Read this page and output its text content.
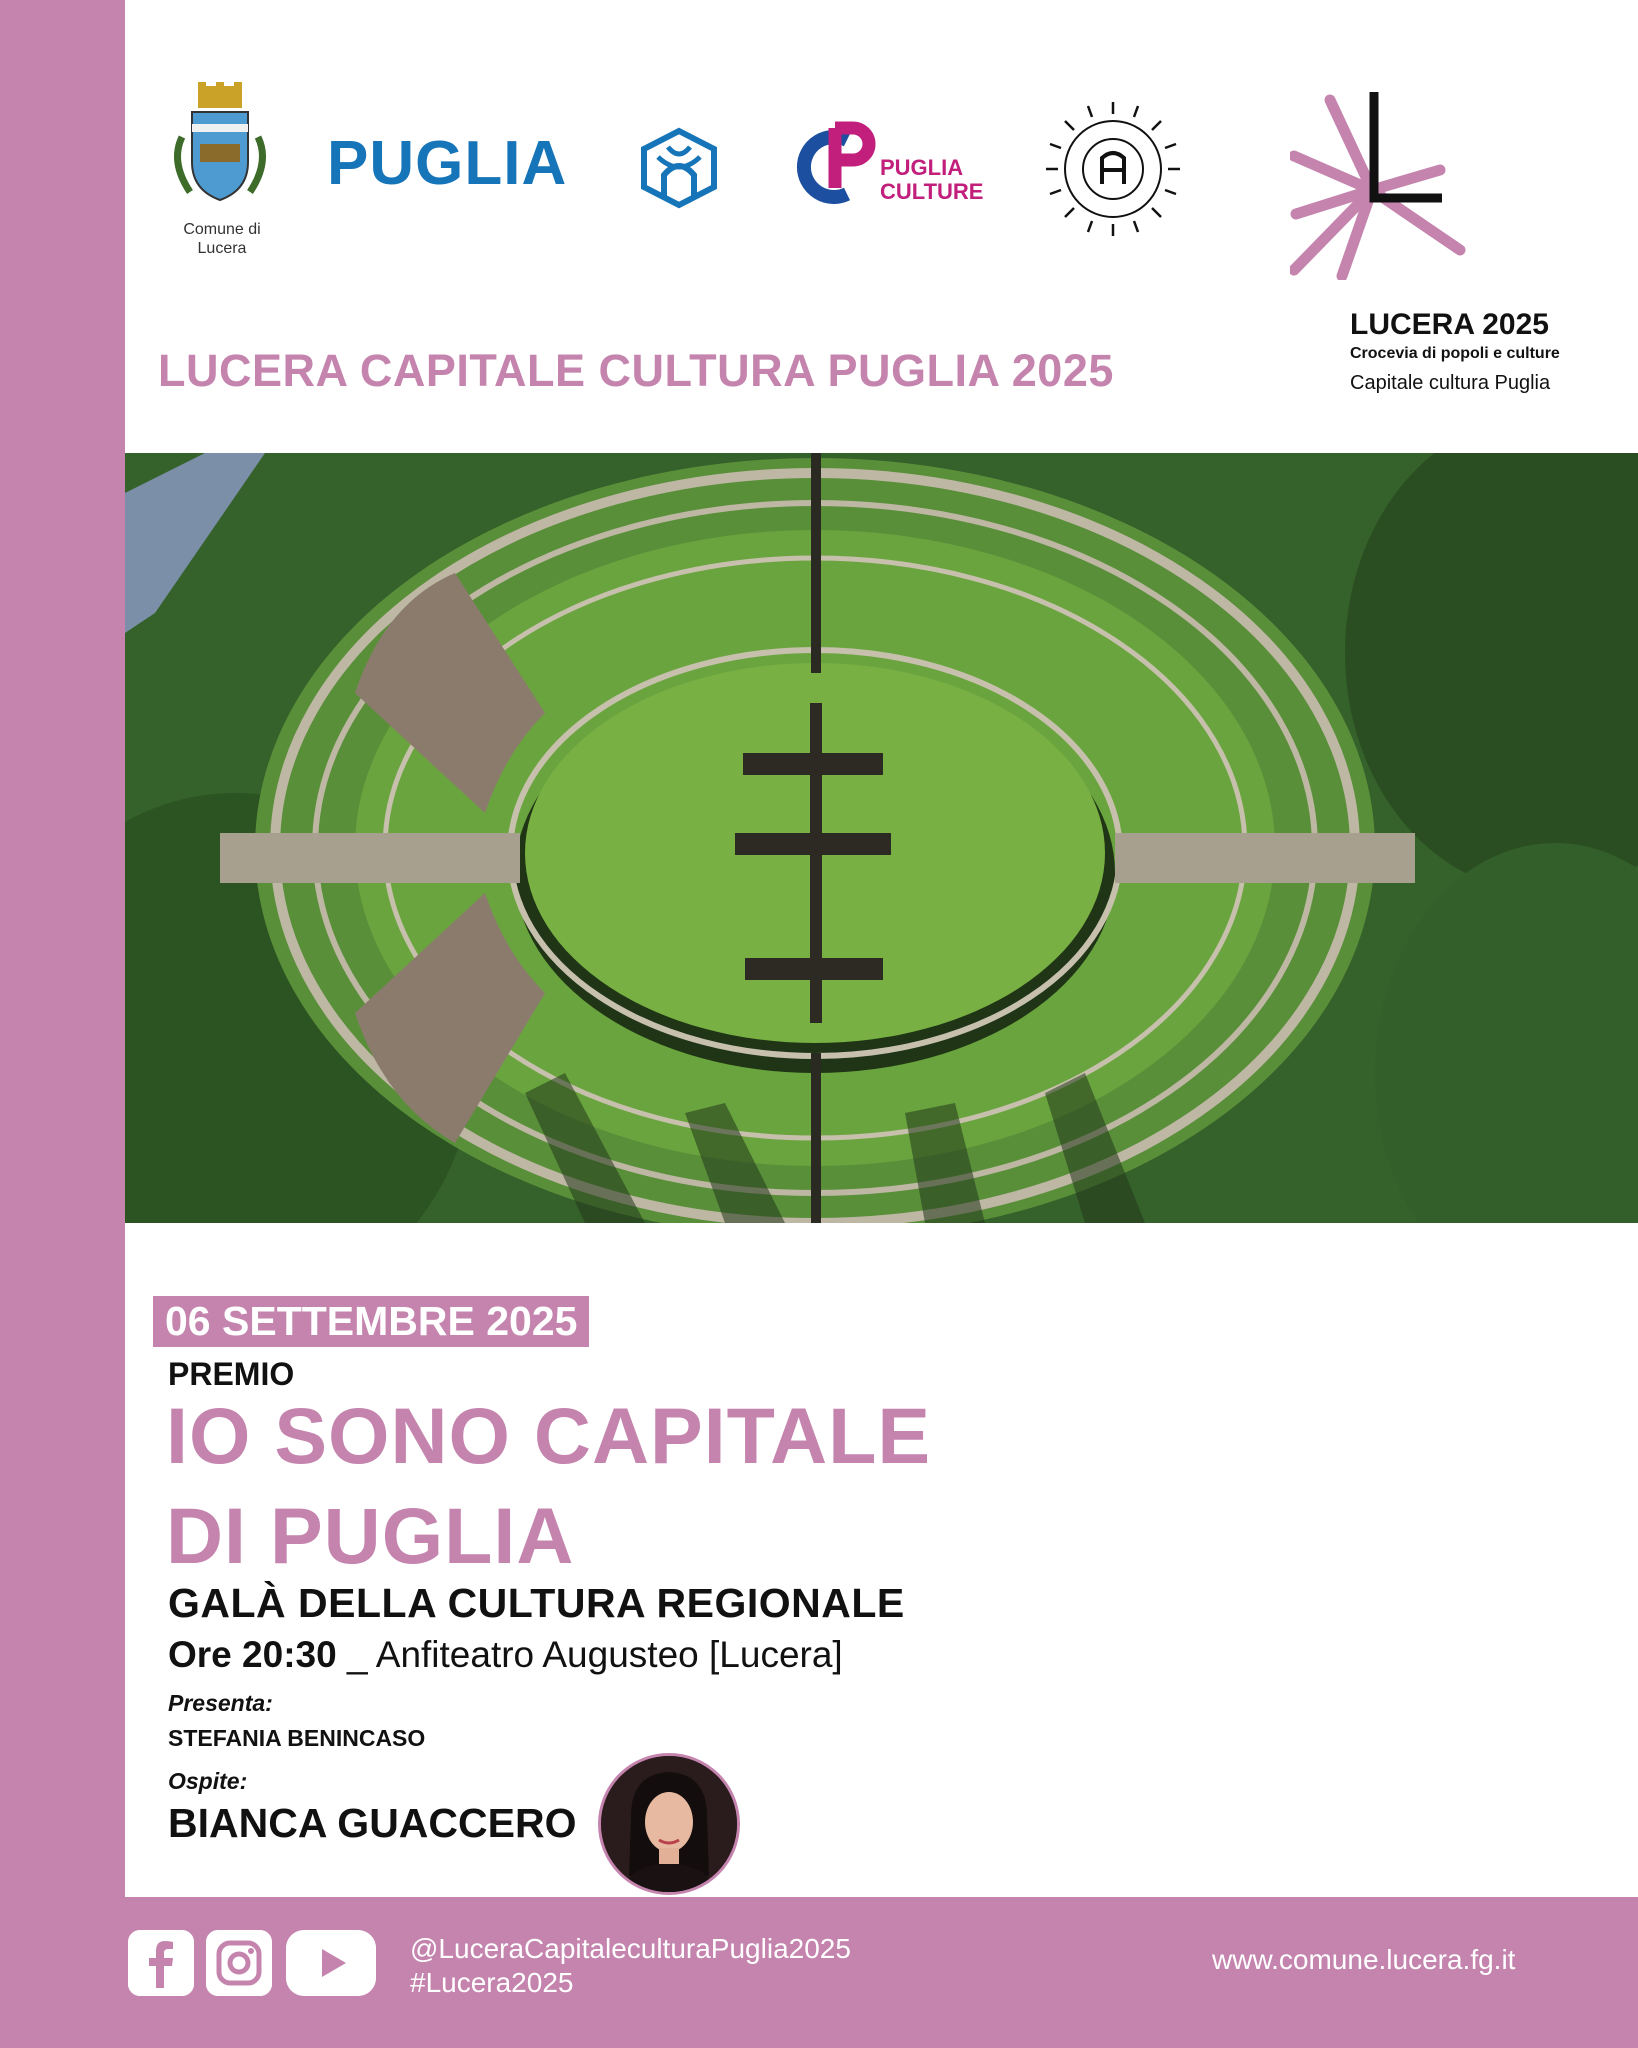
Comune di Lucera
PUGLIA	PUGLIA
CULTURE
LUCERA 2025
Crocevia di popoli e culture
Capitale cultura Puglia
LUCERA CAPITALE CULTURA PUGLIA 2025
06 SETTEMBRE 2025
PREMIO
IO SONO CAPITALE
DI PUGLIA
GALÀ DELLA CULTURA REGIONALE
Ore 20:30 _ Anfiteatro Augusteo [Lucera]
Presenta:
STEFANIA BENINCASO
Ospite:
BIANCA GUACCERO
@LuceraCapitaleculturaPuglia2025
#Lucera2025
www.comune.lucera.fg.it
